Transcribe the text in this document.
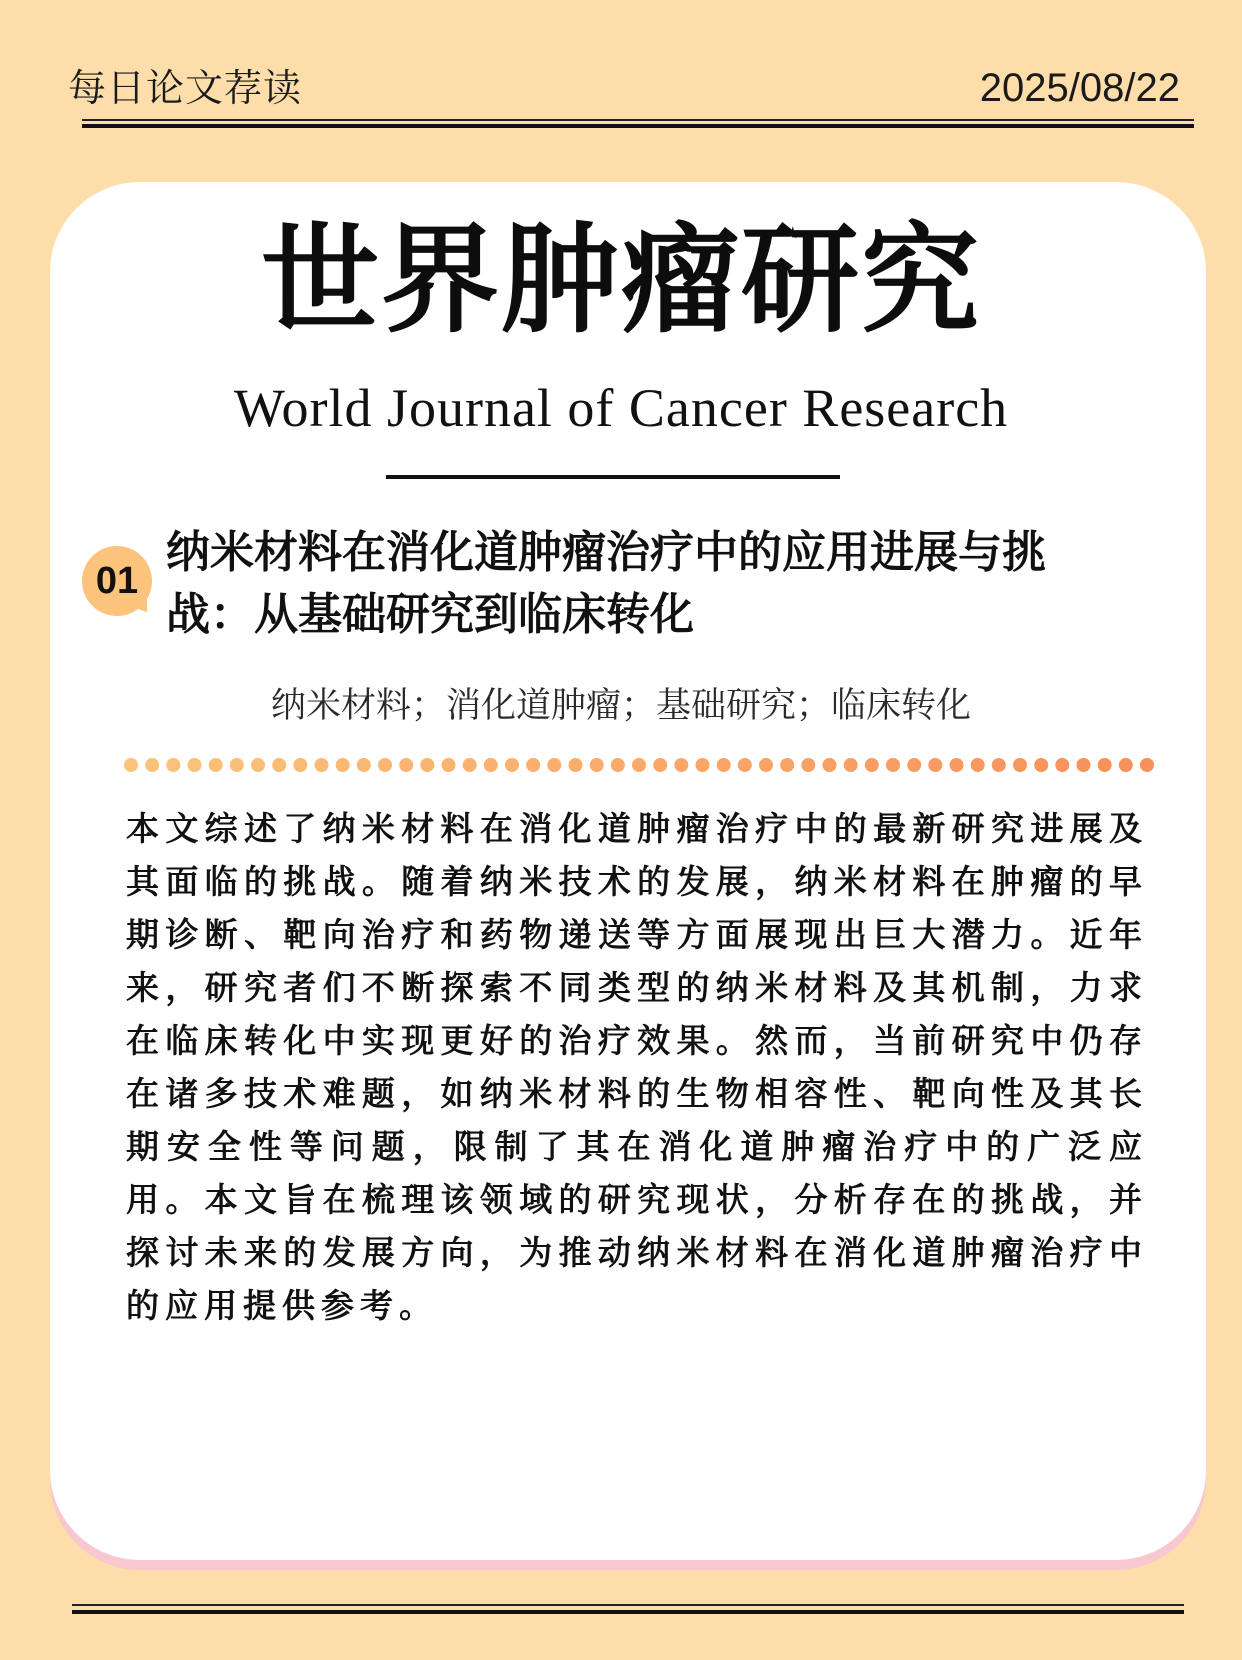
每日论文荐读	2025/08/22
世界肿瘤研究
World Journal of Cancer Research
01
纳米材料在消化道肿瘤治疗中的应用进展与挑战：从基础研究到临床转化
纳米材料；消化道肿瘤；基础研究；临床转化
本文综述了纳米材料在消化道肿瘤治疗中的最新研究进展及其面临的挑战。随着纳米技术的发展，纳米材料在肿瘤的早期诊断、靶向治疗和药物递送等方面展现出巨大潜力。近年来，研究者们不断探索不同类型的纳米材料及其机制，力求在临床转化中实现更好的治疗效果。然而，当前研究中仍存在诸多技术难题，如纳米材料的生物相容性、靶向性及其长期安全性等问题，限制了其在消化道肿瘤治疗中的广泛应用。本文旨在梳理该领域的研究现状，分析存在的挑战，并探讨未来的发展方向，为推动纳米材料在消化道肿瘤治疗中的应用提供参考。
